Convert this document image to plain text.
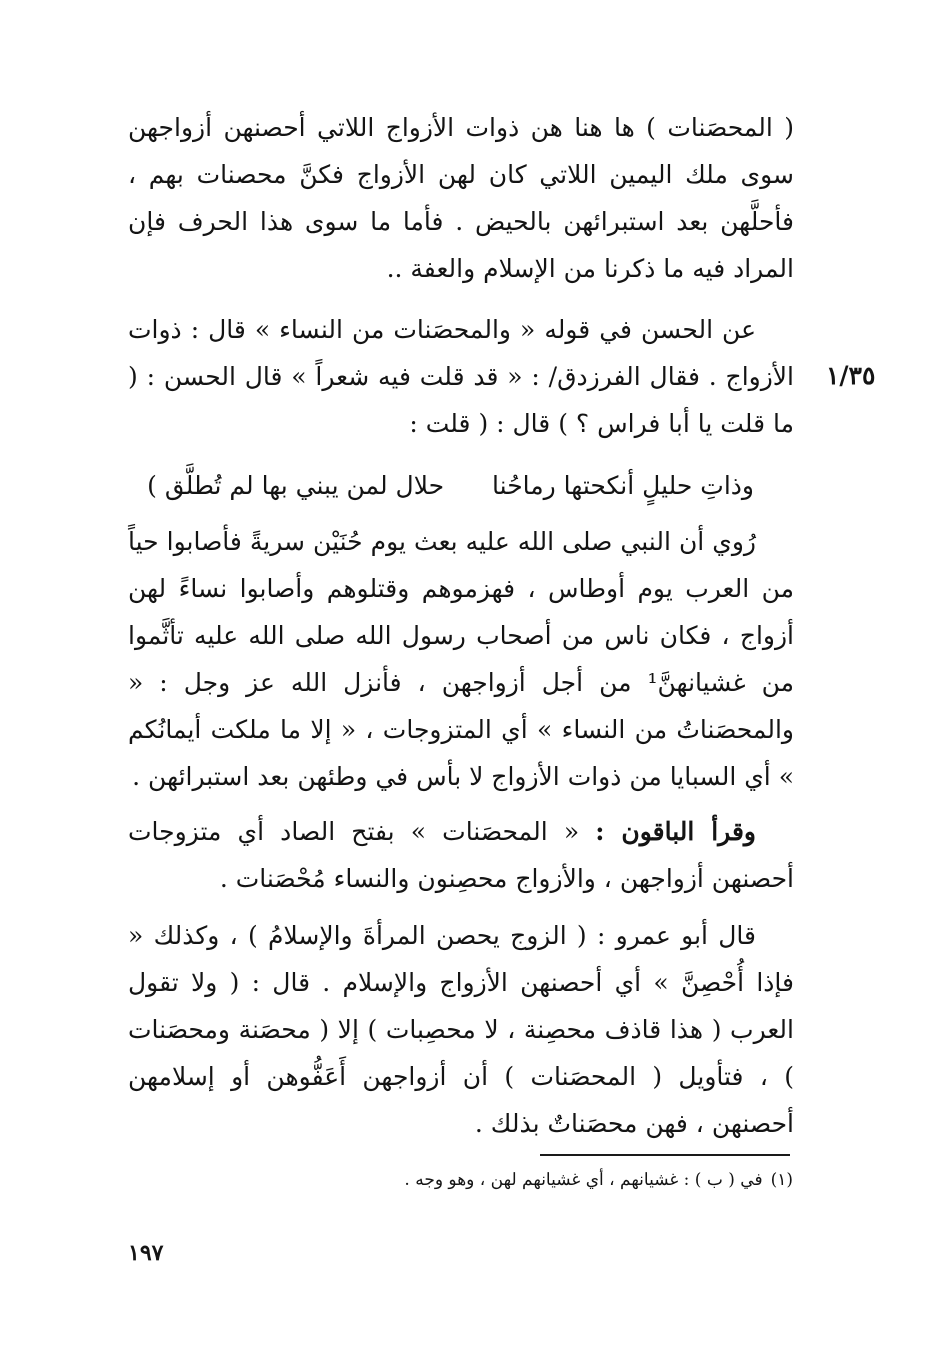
( المحصَنات ) ها هنا هن ذوات الأزواج اللاتي أحصنهن أزواجهن سوى ملك اليمين اللاتي كان لهن الأزواج فكنَّ محصنات بهم ، فأحلَّهن بعد استبرائهن بالحيض . فأما ما سوى هذا الحرف فإن المراد فيه ما ذكرنا من الإسلام والعفة ..

عن الحسن في قوله « والمحصَنات من النساء » قال : ذوات الأزواج . فقال الفرزدق/ : « قد قلت فيه شعراً » قال الحسن : ( ما قلت يا أبا فراس ؟ ) قال : ( قلت :

١/٣٥

وذاتِ حليلٍ أنكحتها رماحُنا حلال لمن يبني بها لم تُطلَّق )

رُوي أن النبي صلى الله عليه بعث يوم حُنَيْن سريةً فأصابوا حياً من العرب يوم أوطاس ، فهزموهم وقتلوهم وأصابوا نساءً لهن أزواج ، فكان ناس من أصحاب رسول الله صلى الله عليه تأثَّموا من غشيانهنَّ¹ من أجل أزواجهن ، فأنزل الله عز وجل : « والمحصَناتُ من النساء » أي المتزوجات ، « إلا ما ملكت أيمانُكم » أي السبايا من ذوات الأزواج لا بأس في وطئهن بعد استبرائهن .

وقرأ الباقون : « المحصَنات » بفتح الصاد أي متزوجات أحصنهن أزواجهن ، والأزواج محصِنون والنساء مُحْصَنات .

قال أبو عمرو : ( الزوج يحصن المرأةَ والإسلامُ ) ، وكذلك « فإذا أُحْصِنَّ » أي أحصنهن الأزواج والإسلام . قال : ( ولا تقول العرب ( هذا قاذف محصِنة ، لا محصِبات ) إلا ( محصَنة ومحصَنات ) ، فتأويل ( المحصَنات ) أن أزواجهن أَعَفُّوهن أو إسلامهن أحصنهن ، فهن محصَناتٌ بذلك .

(١)في ( ب ) : غشيانهم ، أي غشيانهم لهن ، وهو وجه .

١٩٧
